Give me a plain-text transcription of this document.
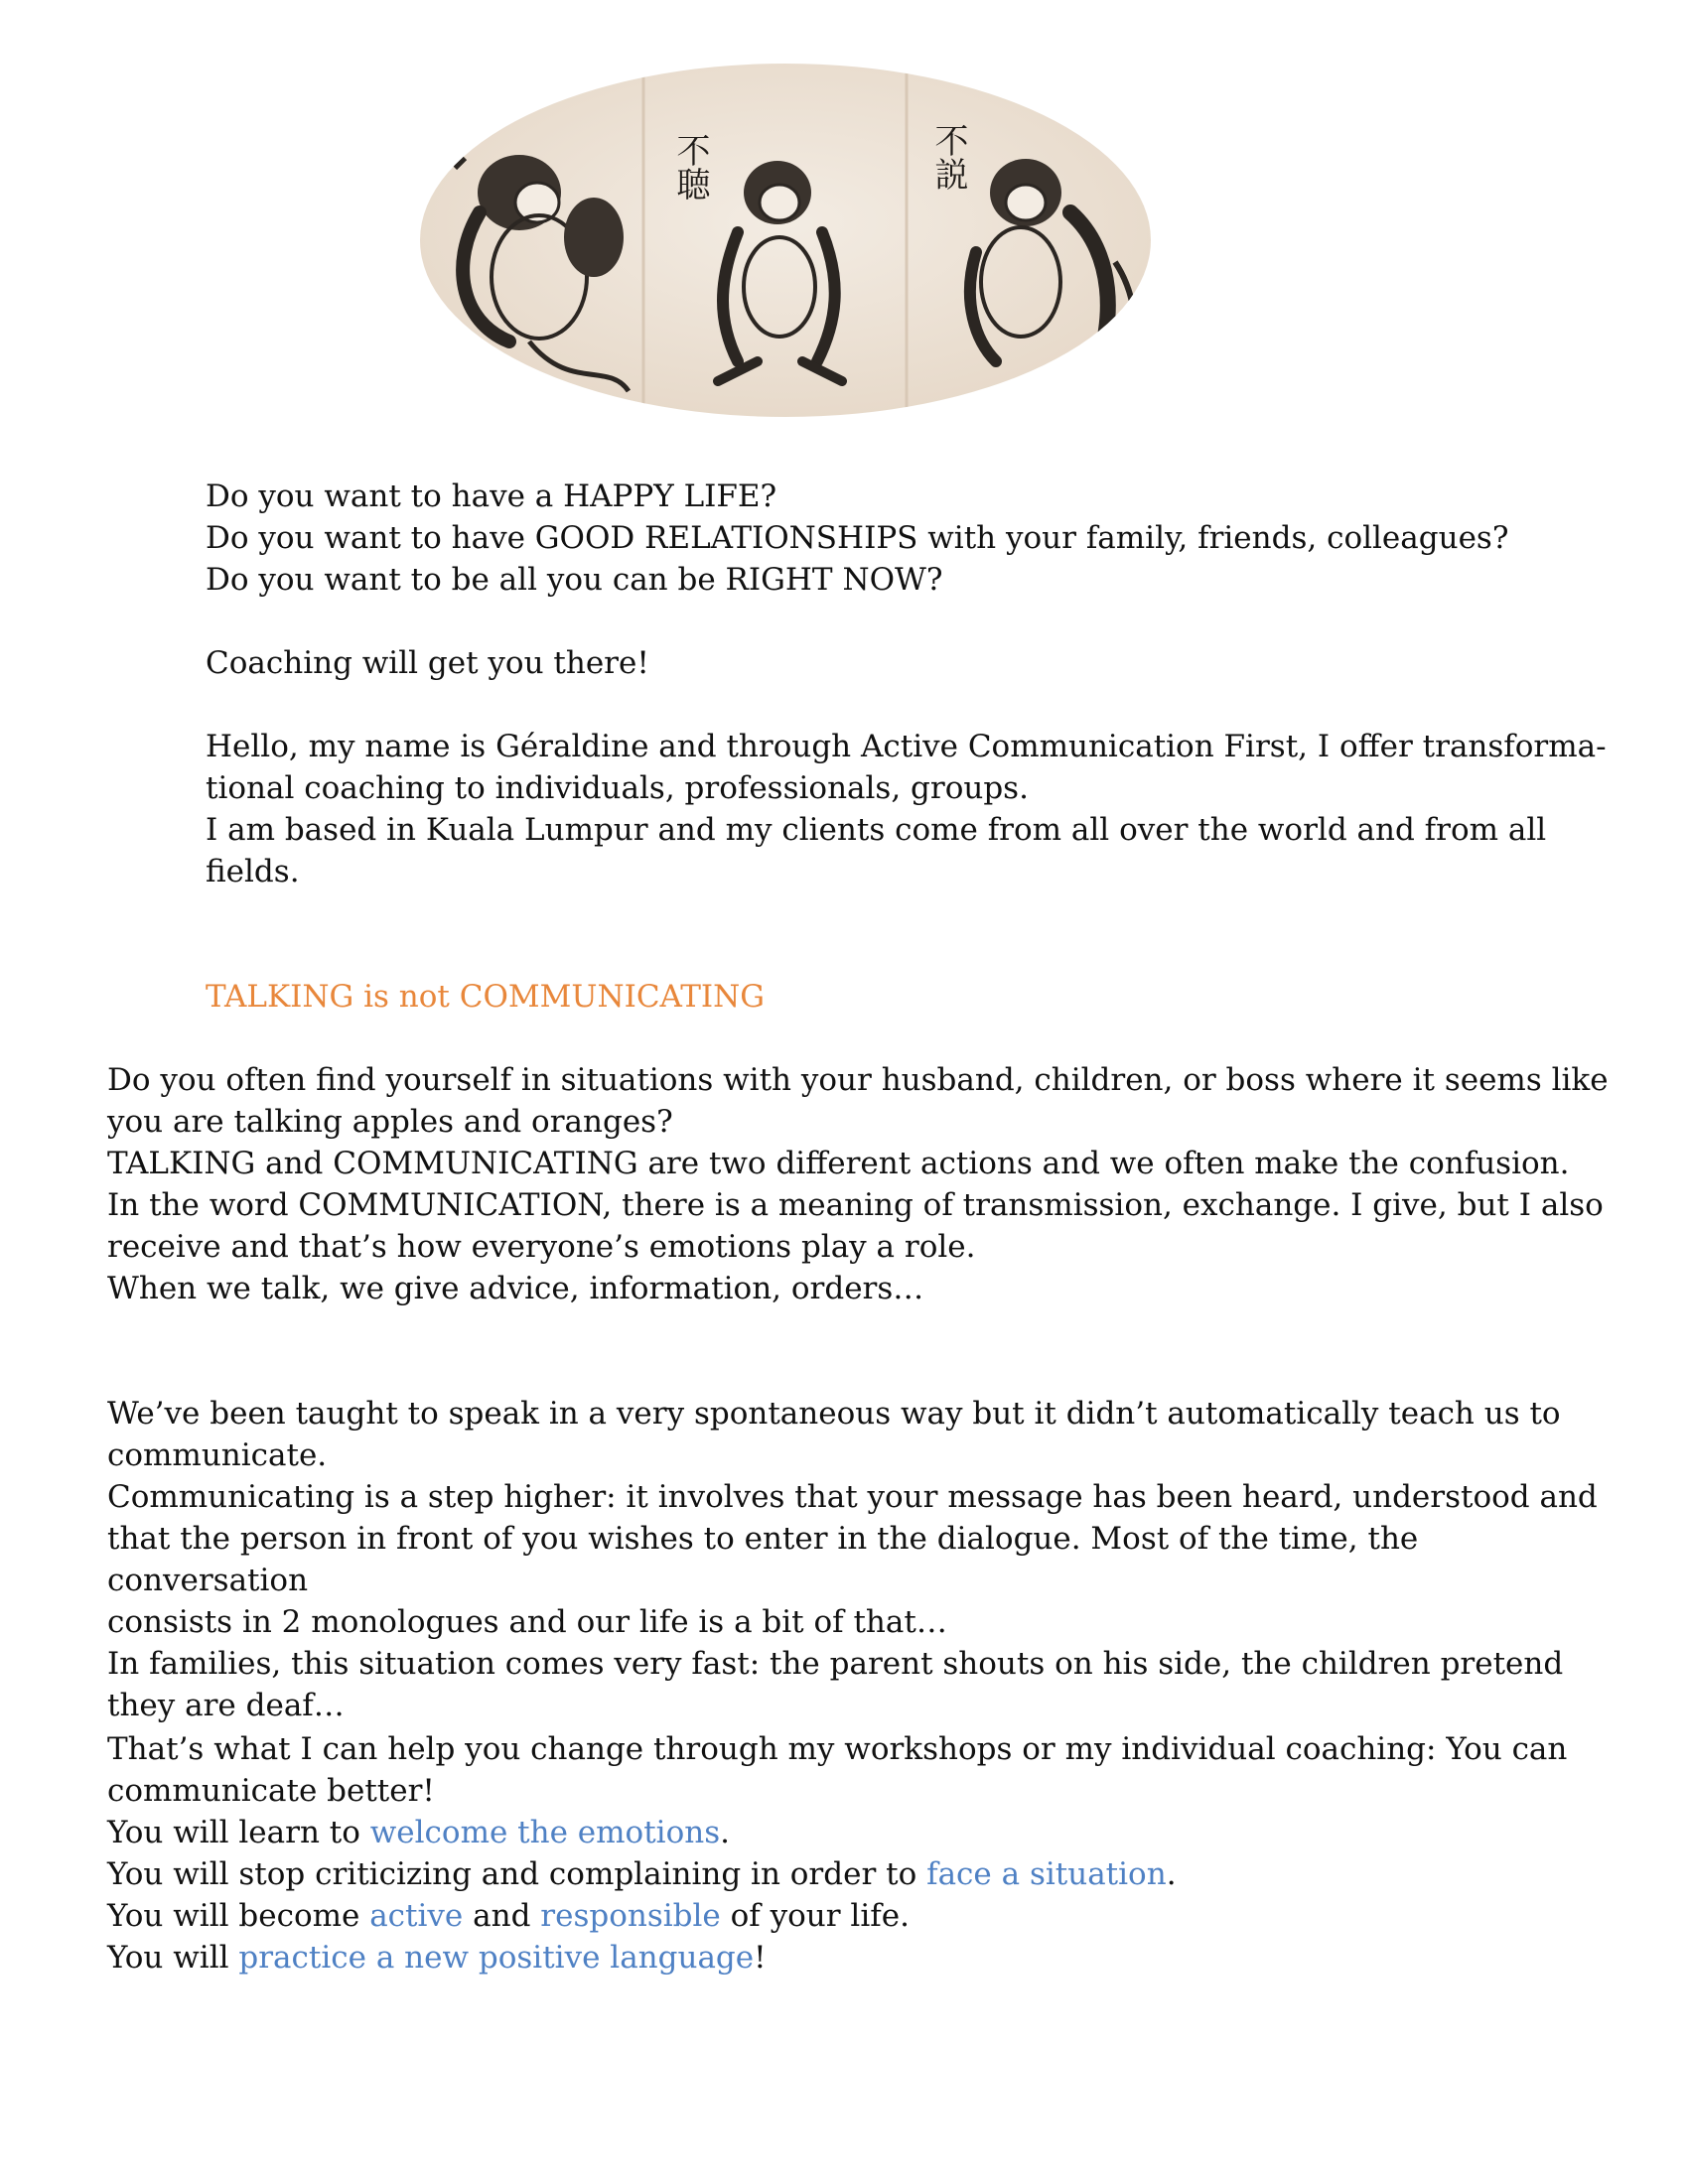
不聴	不説
Do you want to have a HAPPY LIFE?
Do you want to have GOOD RELATIONSHIPS with your family, friends, colleagues?
Do you want to be all you can be RIGHT NOW?
Coaching will get you there!
Hello, my name is Géraldine and through Active Communication First, I offer transforma-
tional coaching to individuals, professionals, groups.
I am based in Kuala Lumpur and my clients come from all over the world and from all
fields.
TALKING is not COMMUNICATING
Do you often find yourself in situations with your husband, children, or boss where it seems like
you are talking apples and oranges?
TALKING and COMMUNICATING are two different actions and we often make the confusion.
In the word COMMUNICATION, there is a meaning of transmission, exchange. I give, but I also
receive and that’s how everyone’s emotions play a role.
When we talk, we give advice, information, orders…
We’ve been taught to speak in a very spontaneous way but it didn’t automatically teach us to
communicate.
Communicating is a step higher: it involves that your message has been heard, understood and
that the person in front of you wishes to enter in the dialogue. Most of the time, the conversation
consists in 2 monologues and our life is a bit of that…
In families, this situation comes very fast: the parent shouts on his side, the children pretend
they are deaf…
That’s what I can help you change through my workshops or my individual coaching: You can
communicate better!
You will learn to welcome the emotions.
You will stop criticizing and complaining in order to face a situation.
You will become active and responsible of your life.
You will practice a new positive language!
